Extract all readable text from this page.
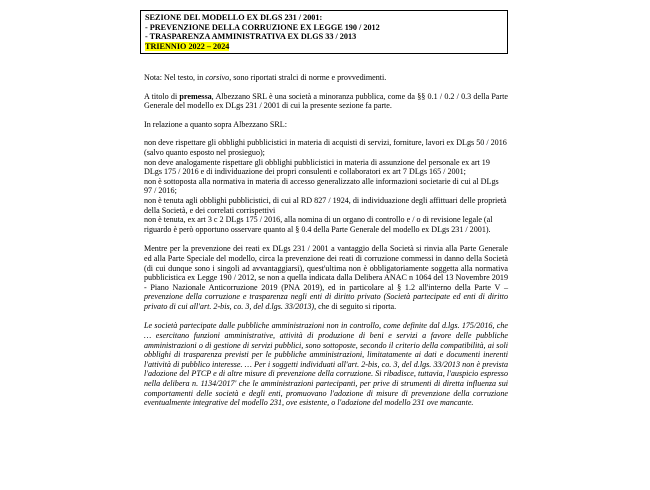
SEZIONE DEL MODELLO EX DLGS 231 / 2001:
- PREVENZIONE DELLA CORRUZIONE EX LEGGE 190 / 2012
- TRASPARENZA AMMINISTRATIVA EX DLGS 33 / 2013
TRIENNIO 2022 – 2024

Nota: Nel testo, in corsivo, sono riportati stralci di norme e provvedimenti.

A titolo di premessa, Albezzano SRL è una società a minoranza pubblica, come da §§ 0.1 / 0.2 / 0.3 della Parte Generale del modello ex DLgs 231 / 2001 di cui la presente sezione fa parte.

In relazione a quanto sopra Albezzano SRL:

non deve rispettare gli obblighi pubblicistici in materia di acquisti di servizi, forniture, lavori ex DLgs 50 / 2016 (salvo quanto esposto nel prosieguo);

non deve analogamente rispettare gli obblighi pubblicistici in materia di assunzione del personale ex art 19 DLgs 175 / 2016 e di individuazione dei propri consulenti e collaboratori ex art 7 DLgs 165 / 2001;

non è sottoposta alla normativa in materia di accesso generalizzato alle informazioni societarie di cui al DLgs 97 / 2016;

non è tenuta agli obblighi pubblicistici, di cui al RD 827 / 1924, di individuazione degli affittuari delle proprietà della Società, e dei correlati corrispettivi

non è tenuta, ex art 3 c 2 DLgs 175 / 2016, alla nomina di un organo di controllo e / o di revisione legale (al riguardo è però opportuno osservare quanto al § 0.4 della Parte Generale del modello ex DLgs 231 / 2001).

Mentre per la prevenzione dei reati ex DLgs 231 / 2001 a vantaggio della Società si rinvia alla Parte Generale ed alla Parte Speciale del modello, circa la prevenzione dei reati di corruzione commessi in danno della Società (di cui dunque sono i singoli ad avvantaggiarsi), quest'ultima non è obbligatoriamente soggetta alla normativa pubblicistica ex Legge 190 / 2012, se non a quella indicata dalla Delibera ANAC n 1064 del 13 Novembre 2019 - Piano Nazionale Anticorruzione 2019 (PNA 2019), ed in particolare al § 1.2 all'interno della Parte V – prevenzione della corruzione e trasparenza negli enti di diritto privato (Società partecipate ed enti di diritto privato di cui all'art. 2-bis, co. 3, del d.lgs. 33/2013), che di seguito si riporta.

Le società partecipate dalle pubbliche amministrazioni non in controllo, come definite dal d.lgs. 175/2016, che … esercitano funzioni amministrative, attività di produzione di beni e servizi a favore delle pubbliche amministrazioni o di gestione di servizi pubblici, sono sottoposte, secondo il criterio della compatibilità, ai soli obblighi di trasparenza previsti per le pubbliche amministrazioni, limitatamente ai dati e documenti inerenti l'attività di pubblico interesse. … Per i soggetti individuati all'art. 2-bis, co. 3, del d.lgs. 33/2013 non è prevista l'adozione del PTCP e di altre misure di prevenzione della corruzione. Si ribadisce, tuttavia, l'auspicio espresso nella delibera n. 1134/2017' che le amministrazioni partecipanti, per prive di strumenti di diretta influenza sui comportamenti delle società e degli enti, promuovano l'adozione di misure di prevenzione della corruzione eventualmente integrative del modello 231, ove esistente, o l'adozione del modello 231 ove mancante.
